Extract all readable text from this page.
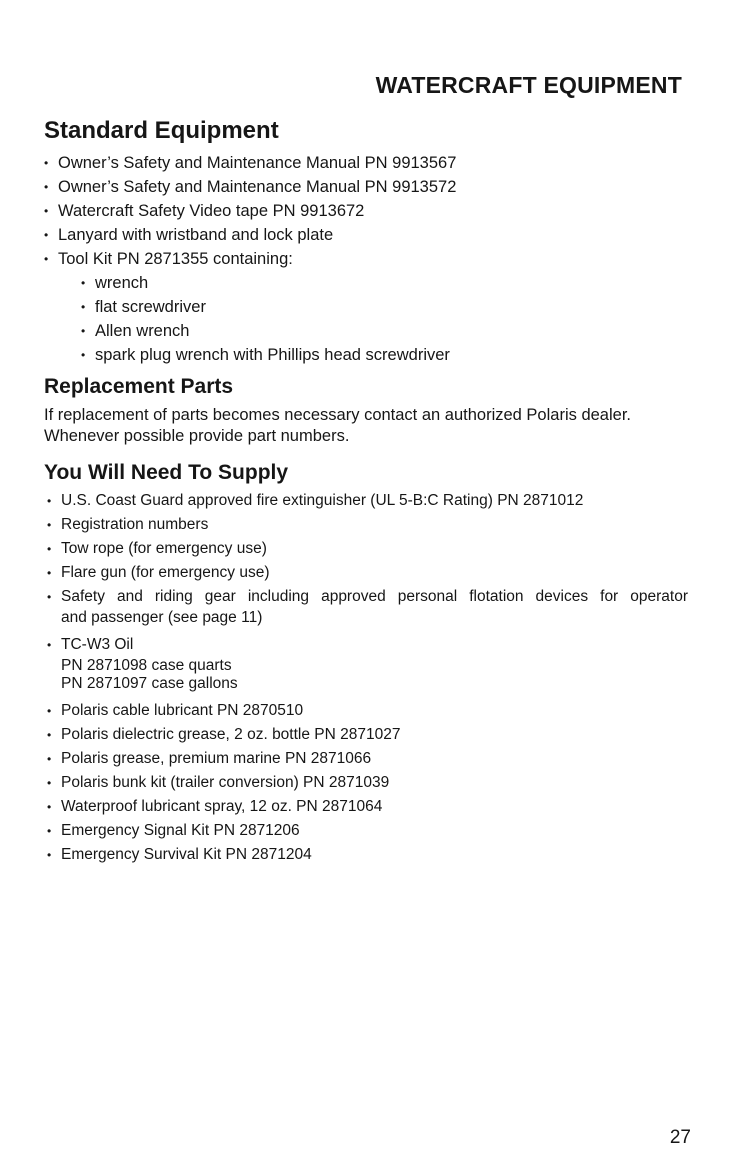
WATERCRAFT EQUIPMENT
Standard Equipment
• Owner’s Safety and Maintenance Manual PN 9913567
• Owner’s Safety and Maintenance Manual PN 9913572
• Watercraft Safety Video tape PN 9913672
• Lanyard with wristband and lock plate
• Tool Kit PN 2871355 containing:
• wrench
• flat screwdriver
• Allen wrench
• spark plug wrench with Phillips head screwdriver
Replacement Parts

If replacement of parts becomes necessary contact an authorized Polaris dealer.
Whenever possible provide part numbers.

You Will Need To Supply
• U.S. Coast Guard approved fire extinguisher (UL 5-B:C Rating) PN 2871012
• Registration numbers
• Tow rope (for emergency use)
• Flare gun (for emergency use)
• Safety and riding gear including approved personal flotation devices for operator
and passenger (see page 11)
• TC-W3 Oil
PN 2871098 case quarts
PN 2871097 case gallons
• Polaris cable lubricant PN 2870510
• Polaris dielectric grease, 2 oz. bottle PN 2871027
• Polaris grease, premium marine PN 2871066
• Polaris bunk kit (trailer conversion) PN 2871039
• Waterproof lubricant spray, 12 oz. PN 2871064
• Emergency Signal Kit PN 2871206
• Emergency Survival Kit PN 2871204
27
